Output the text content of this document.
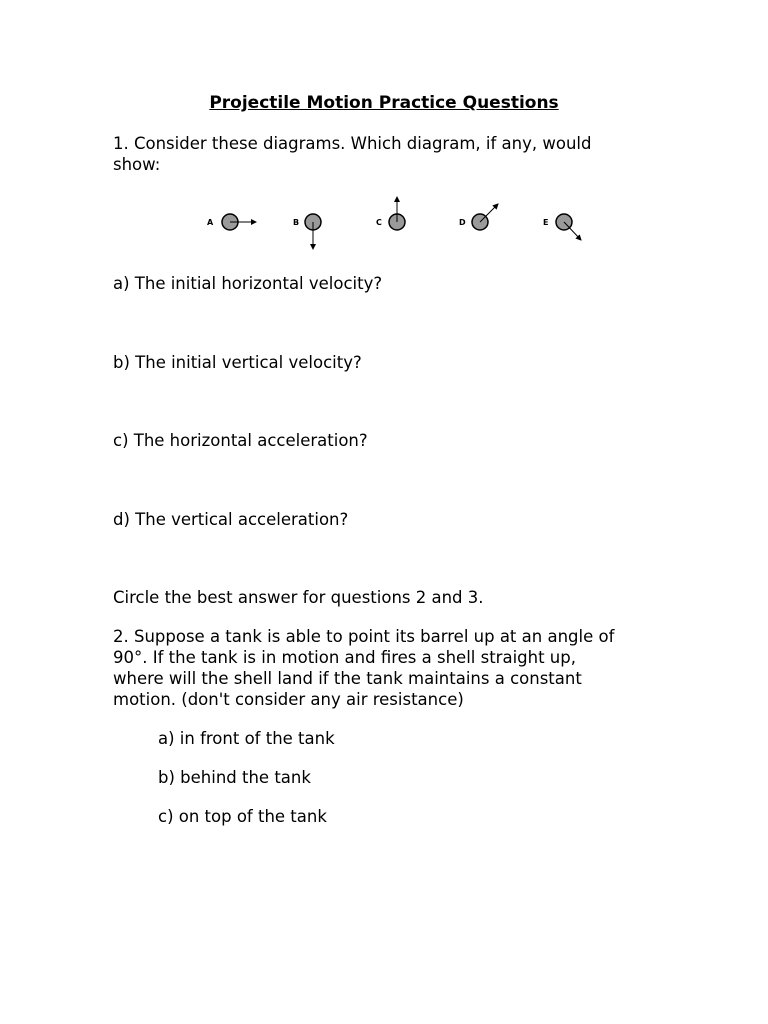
Projectile Motion Practice Questions
1. Consider these diagrams. Which diagram, if any, would
show:
A	B	C	D	E
a) The initial horizontal velocity?
b) The initial vertical velocity?
c) The horizontal acceleration?
d) The vertical acceleration?
Circle the best answer for questions 2 and 3.
2. Suppose a tank is able to point its barrel up at an angle of
90°. If the tank is in motion and fires a shell straight up,
where will the shell land if the tank maintains a constant
motion. (don't consider any air resistance)
a) in front of the tank
b) behind the tank
c) on top of the tank
